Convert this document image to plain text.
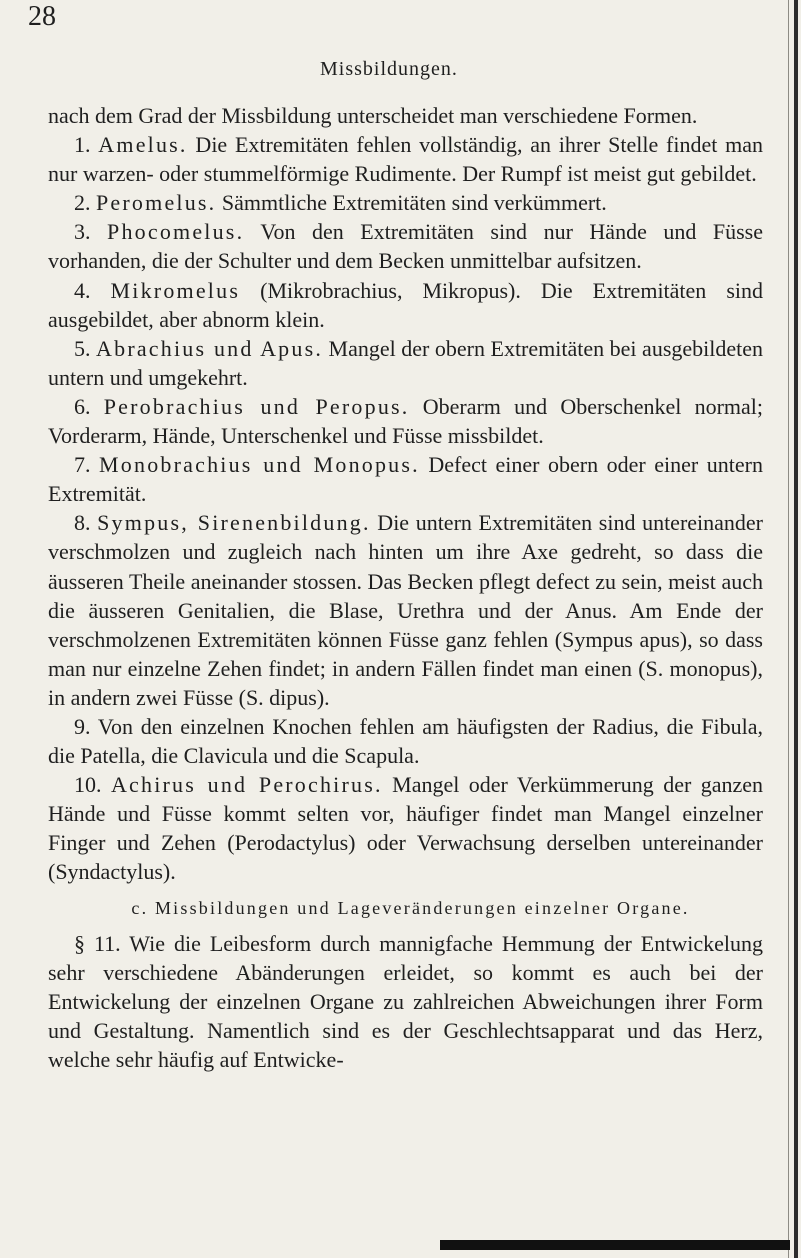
28
Missbildungen.

nach dem Grad der Missbildung unterscheidet man verschiedene Formen.

1. Amelus. Die Extremitäten fehlen vollständig, an ihrer Stelle findet man nur warzen- oder stummelförmige Rudimente. Der Rumpf ist meist gut gebildet.

2. Peromelus. Sämmtliche Extremitäten sind verkümmert.

3. Phocomelus. Von den Extremitäten sind nur Hände und Füsse vorhanden, die der Schulter und dem Becken unmittelbar aufsitzen.

4. Mikromelus (Mikrobrachius, Mikropus). Die Extremitäten sind ausgebildet, aber abnorm klein.

5. Abrachius und Apus. Mangel der obern Extremitäten bei ausgebildeten untern und umgekehrt.

6. Perobrachius und Peropus. Oberarm und Oberschenkel normal; Vorderarm, Hände, Unterschenkel und Füsse missbildet.

7. Monobrachius und Monopus. Defect einer obern oder einer untern Extremität.

8. Sympus, Sirenenbildung. Die untern Extremitäten sind untereinander verschmolzen und zugleich nach hinten um ihre Axe gedreht, so dass die äusseren Theile aneinander stossen. Das Becken pflegt defect zu sein, meist auch die äusseren Genitalien, die Blase, Urethra und der Anus. Am Ende der verschmolzenen Extremitäten können Füsse ganz fehlen (Sympus apus), so dass man nur einzelne Zehen findet; in andern Fällen findet man einen (S. monopus), in andern zwei Füsse (S. dipus).

9. Von den einzelnen Knochen fehlen am häufigsten der Radius, die Fibula, die Patella, die Clavicula und die Scapula.

10. Achirus und Perochirus. Mangel oder Verkümmerung der ganzen Hände und Füsse kommt selten vor, häufiger findet man Mangel einzelner Finger und Zehen (Perodactylus) oder Verwachsung derselben untereinander (Syndactylus).

c. Missbildungen und Lageveränderungen einzelner Organe.

§ 11. Wie die Leibesform durch mannigfache Hemmung der Entwickelung sehr verschiedene Abänderungen erleidet, so kommt es auch bei der Entwickelung der einzelnen Organe zu zahlreichen Abweichungen ihrer Form und Gestaltung. Namentlich sind es der Geschlechtsapparat und das Herz, welche sehr häufig auf Entwicke-
